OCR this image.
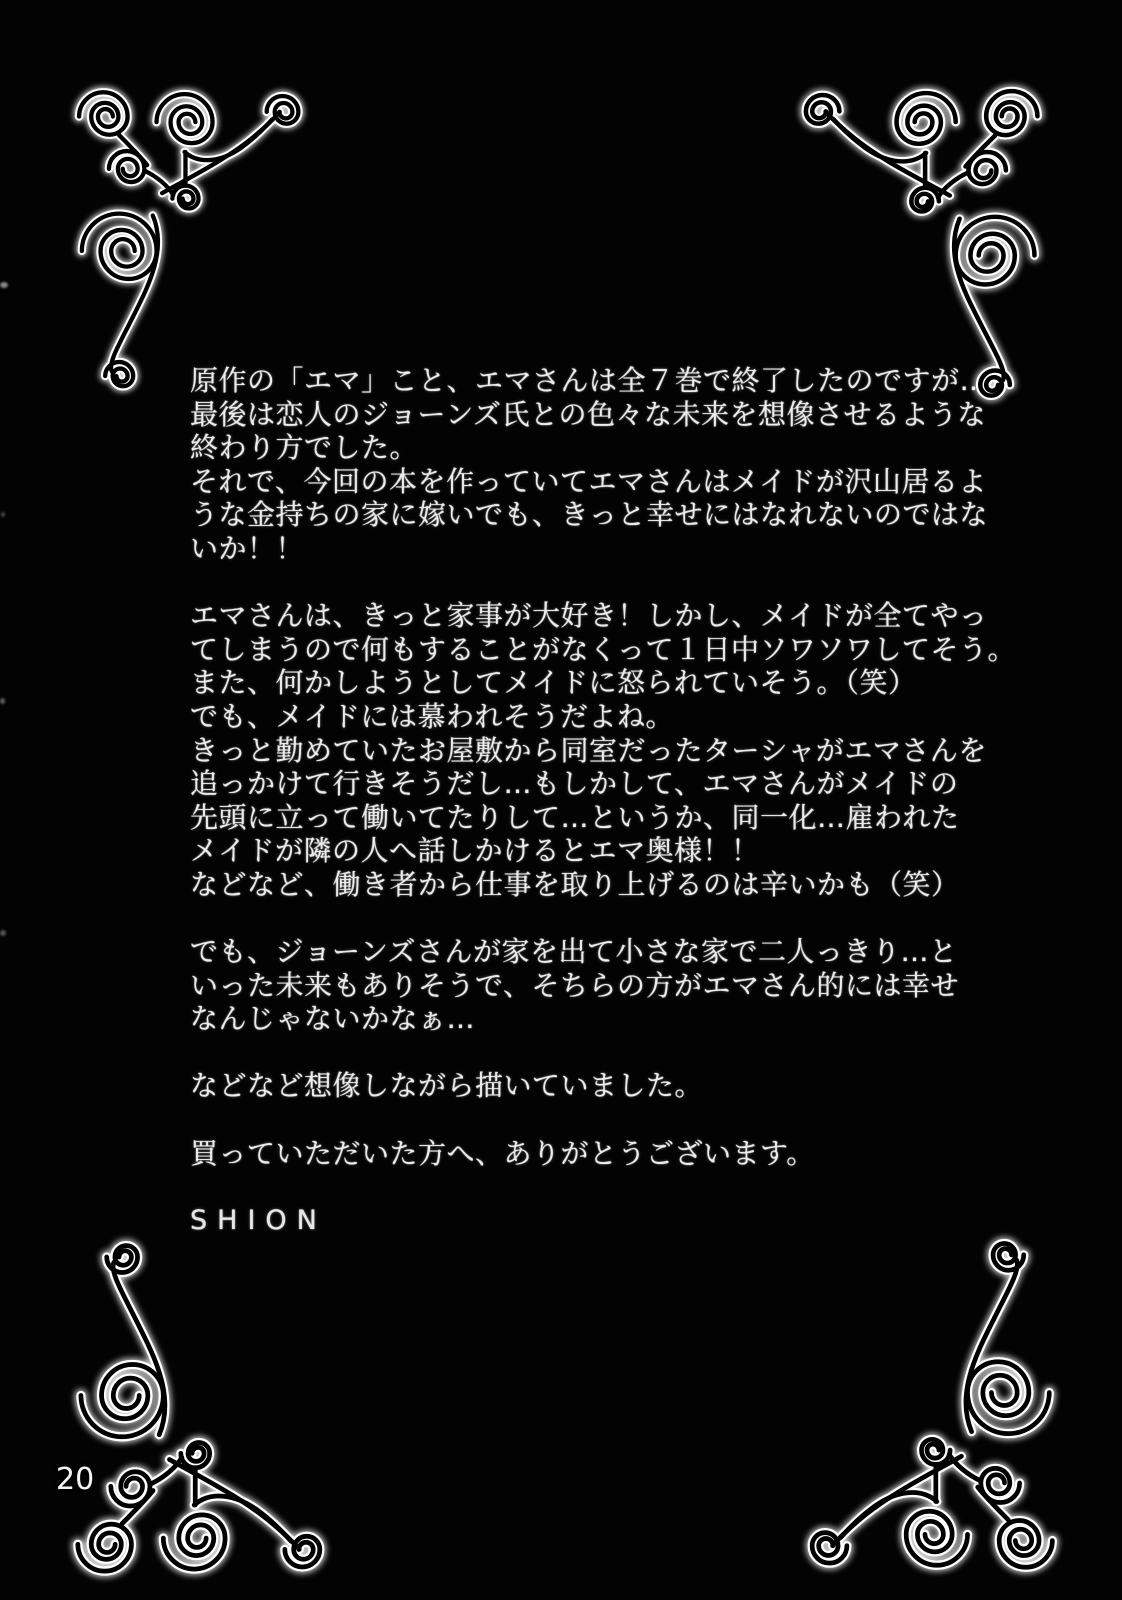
原作の「エマ」こと、エマさんは全７巻で終了したのですが…
最後は恋人のジョーンズ氏との色々な未来を想像させるような
終わり方でした。
それで、今回の本を作っていてエマさんはメイドが沢山居るよ
うな金持ちの家に嫁いでも、きっと幸せにはなれないのではな
いか！！
エマさんは、きっと家事が大好き！しかし、メイドが全てやっ
てしまうので何もすることがなくって１日中ソワソワしてそう。
また、何かしようとしてメイドに怒られていそう。（笑）
でも、メイドには慕われそうだよね。
きっと勤めていたお屋敷から同室だったターシャがエマさんを
追っかけて行きそうだし…もしかして、エマさんがメイドの
先頭に立って働いてたりして…というか、同一化…雇われた
メイドが隣の人へ話しかけるとエマ奥様！！
などなど、働き者から仕事を取り上げるのは辛いかも（笑）
でも、ジョーンズさんが家を出て小さな家で二人っきり…と
いった未来もありそうで、そちらの方がエマさん的には幸せ
なんじゃないかなぁ…
などなど想像しながら描いていました。
買っていただいた方へ、ありがとうございます。
SHION
20
